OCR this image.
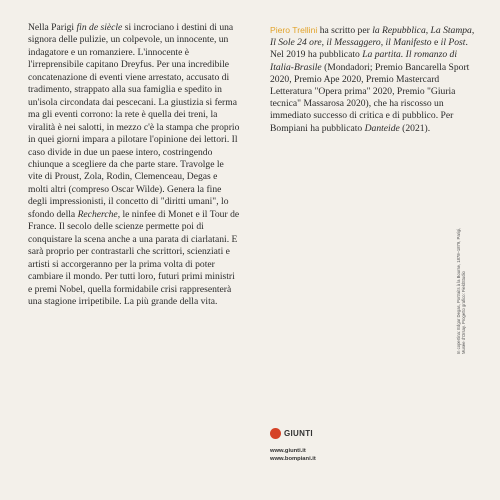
Nella Parigi fin de siècle si incrociano i destini di una signora delle pulizie, un colpevole, un innocente, un indagatore e un romanziere. L'innocente è l'irreprensibile capitano Dreyfus. Per una incredibile concatenazione di eventi viene arrestato, accusato di tradimento, strappato alla sua famiglia e spedito in un'isola circondata dai pescecani. La giustizia si ferma ma gli eventi corrono: la rete è quella dei treni, la viralità è nei salotti, in mezzo c'è la stampa che proprio in quei giorni impara a pilotare l'opinione dei lettori. Il caso divide in due un paese intero, costringendo chiunque a scegliere da che parte stare. Travolge le vite di Proust, Zola, Rodin, Clemenceau, Degas e molti altri (compreso Oscar Wilde). Genera la fine degli impressionisti, il concetto di "diritti umani", lo sfondo della Recherche, le ninfee di Monet e il Tour de France. Il secolo delle scienze permette poi di conquistare la scena anche a una parata di ciarlatani. E sarà proprio per contrastarli che scrittori, scienziati e artisti si accorgeranno per la prima volta di poter cambiare il mondo. Per tutti loro, futuri primi ministri e premi Nobel, quella formidabile crisi rappresenterà una stagione irripetibile. La più grande della vita.

Piero Trellini ha scritto per la Repubblica, La Stampa, Il Sole 24 ore, il Messaggero, il Manifesto e il Post. Nel 2019 ha pubblicato La partita. Il romanzo di Italia-Brasile (Mondadori; Premio Bancarella Sport 2020, Premio Ape 2020, Premio Mastercard Letteratura "Opera prima" 2020, Premio "Giuria tecnica" Massarosa 2020), che ha riscosso un immediato successo di critica e di pubblico. Per Bompiani ha pubblicato Danteide (2021).
In copertina: Edgar Degas, Portraits à la Bourse, 1878–1879, Parigi, Musée d'Orsay. Progetto grafico: FieldStudio
GIUNTI
www.giunti.it
www.bompiani.it
